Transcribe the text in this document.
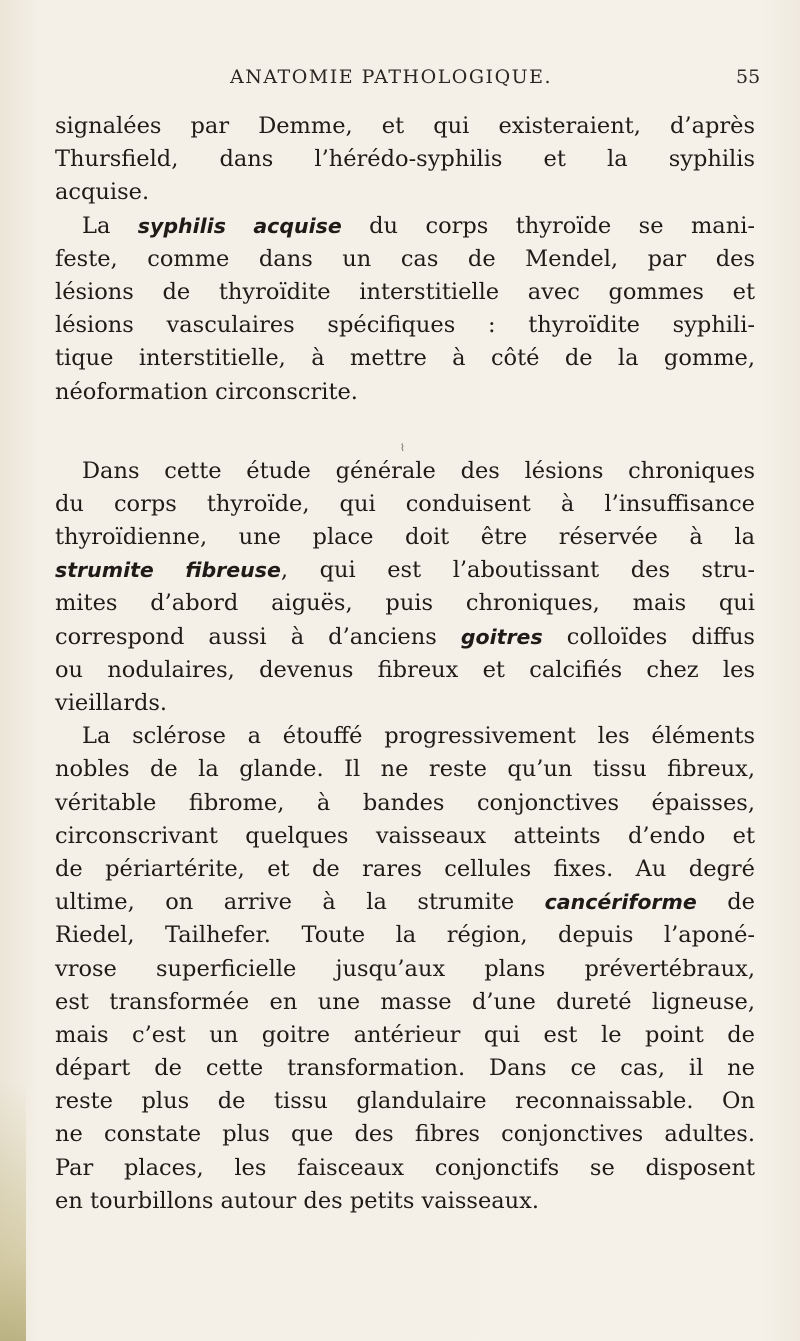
ANATOMIE PATHOLOGIQUE.	55
⌇
signalées par Demme, et qui existeraient, d’après
Thursfield, dans l’hérédo-syphilis et la syphilis
acquise.
La syphilis acquise du corps thyroïde se mani-
feste, comme dans un cas de Mendel, par des
lésions de thyroïdite interstitielle avec gommes et
lésions vasculaires spécifiques : thyroïdite syphili-
tique interstitielle, à mettre à côté de la gomme,
néoformation circonscrite.
Dans cette étude générale des lésions chroniques
du corps thyroïde, qui conduisent à l’insuffisance
thyroïdienne, une place doit être réservée à la
strumite fibreuse, qui est l’aboutissant des stru-
mites d’abord aiguës, puis chroniques, mais qui
correspond aussi à d’anciens goitres colloïdes diffus
ou nodulaires, devenus fibreux et calcifiés chez les
vieillards.
La sclérose a étouffé progressivement les éléments
nobles de la glande. Il ne reste qu’un tissu fibreux,
véritable fibrome, à bandes conjonctives épaisses,
circonscrivant quelques vaisseaux atteints d’endo et
de périartérite, et de rares cellules fixes. Au degré
ultime, on arrive à la strumite cancériforme de
Riedel, Tailhefer. Toute la région, depuis l’aponé-
vrose superficielle jusqu’aux plans prévertébraux,
est transformée en une masse d’une dureté ligneuse,
mais c’est un goitre antérieur qui est le point de
départ de cette transformation. Dans ce cas, il ne
reste plus de tissu glandulaire reconnaissable. On
ne constate plus que des fibres conjonctives adultes.
Par places, les faisceaux conjonctifs se disposent
en tourbillons autour des petits vaisseaux.
